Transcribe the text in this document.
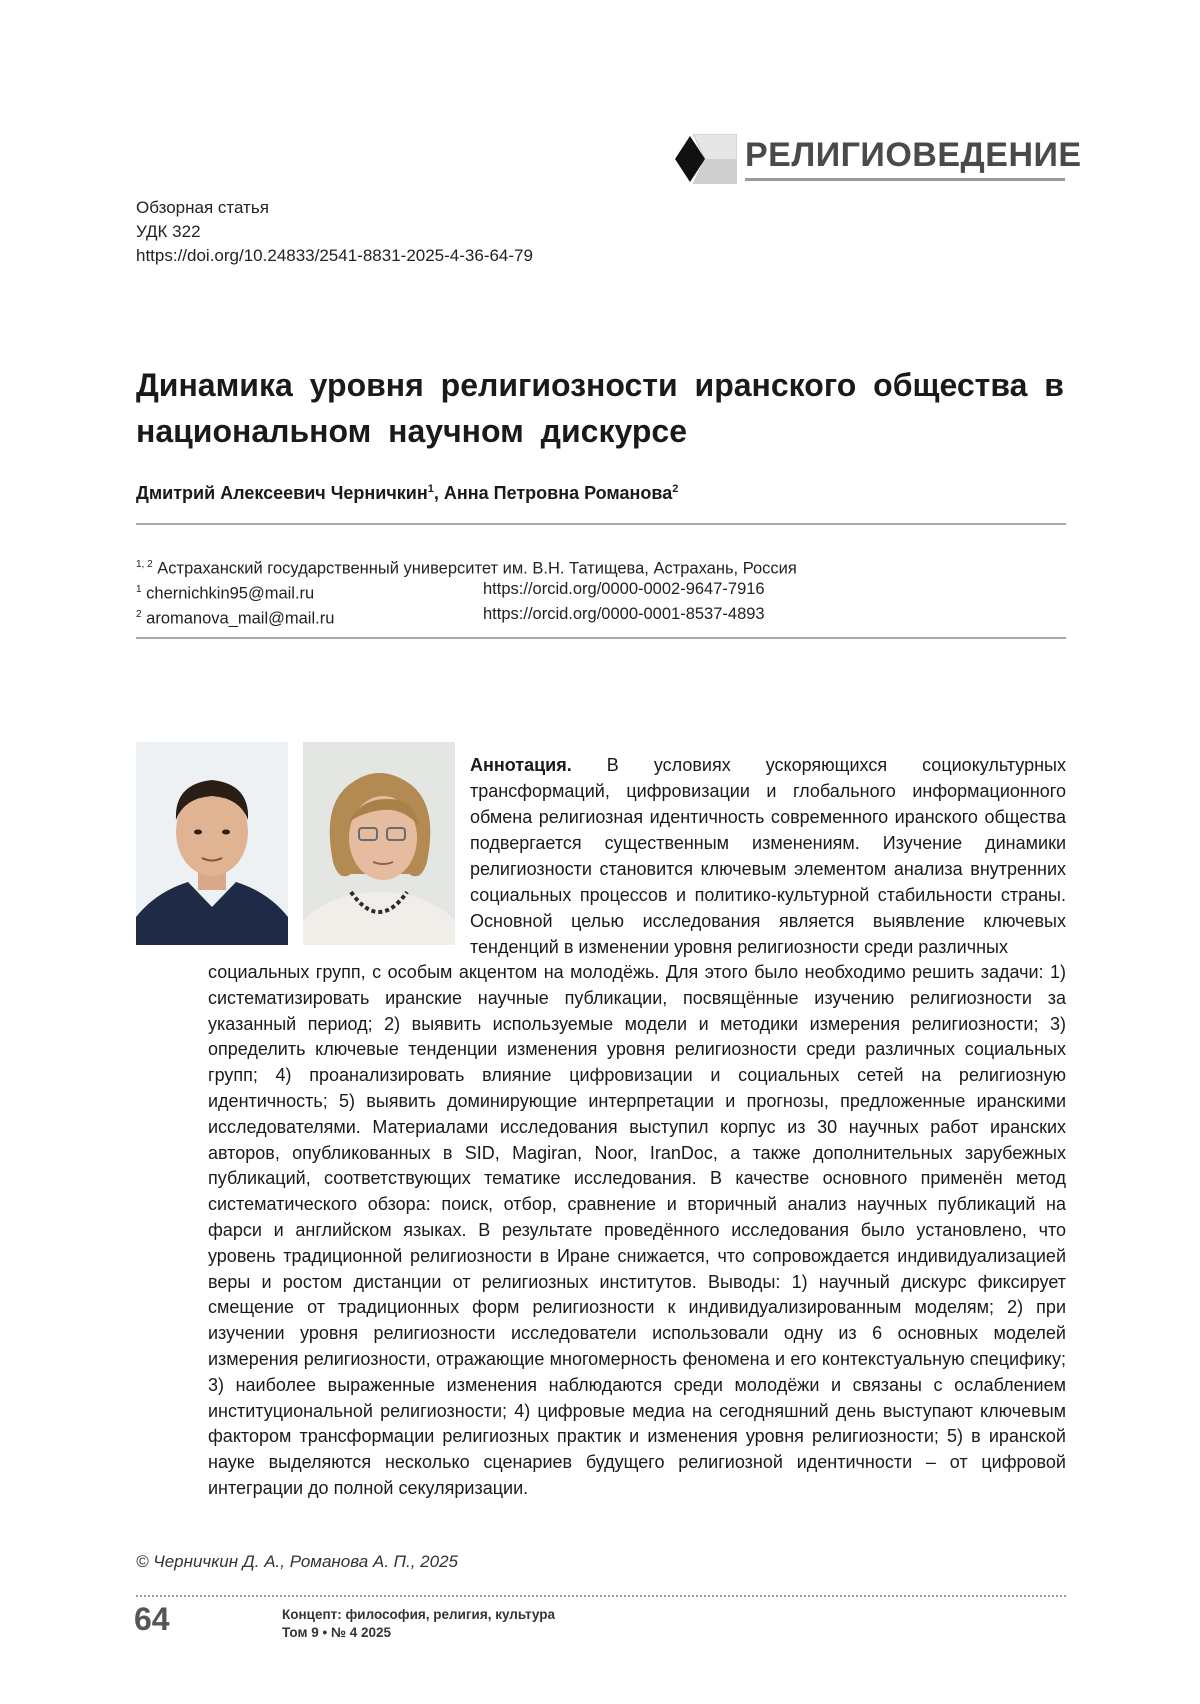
РЕЛИГИОВЕДЕНИЕ
Обзорная статья
УДК 322
https://doi.org/10.24833/2541-8831-2025-4-36-64-79
Динамика уровня религиозности иранского общества в национальном научном дискурсе
Дмитрий Алексеевич Черничкин$^1$, Анна Петровна Романова$^2$
$^{1, 2}$ Астраханский государственный университет им. В.Н. Татищева, Астрахань, Россия
$^1$ chernichkin95@mail.ru	https://orcid.org/0000-0002-9647-7916
$^2$ aromanova_mail@mail.ru	https://orcid.org/0000-0001-8537-4893
Аннотация. В условиях ускоряющихся социокультурных трансформаций, цифровизации и глобального информационного обмена религиозная идентичность современного иранского общества подвергается существенным изменениям. Изучение динамики религиозности становится ключевым элементом анализа внутренних социальных процессов и политико-культурной стабильности страны. Основной целью исследования является выявление ключевых тенденций в изменении уровня религиозности среди различных
социальных групп, с особым акцентом на молодёжь. Для этого было необходимо решить задачи: 1) систематизировать иранские научные публикации, посвящённые изучению религиозности за указанный период; 2) выявить используемые модели и методики измерения религиозности; 3) определить ключевые тенденции изменения уровня религиозности среди различных социальных групп; 4) проанализировать влияние цифровизации и социальных сетей на религиозную идентичность; 5) выявить доминирующие интерпретации и прогнозы, предложенные иранскими исследователями. Материалами исследования выступил корпус из 30 научных работ иранских авторов, опубликованных в SID, Magiran, Noor, IranDoc, а также дополнительных зарубежных публикаций, соответствующих тематике исследования. В качестве основного применён метод систематического обзора: поиск, отбор, сравнение и вторичный анализ научных публикаций на фарси и английском языках. В результате проведённого исследования было установлено, что уровень традиционной религиозности в Иране снижается, что сопровождается индивидуализацией веры и ростом дистанции от религиозных институтов. Выводы: 1) научный дискурс фиксирует смещение от традиционных форм религиозности к индивидуализированным моделям; 2) при изучении уровня религиозности исследователи использовали одну из 6 основных моделей измерения религиозности, отражающие многомерность феномена и его контекстуальную специфику; 3) наиболее выраженные изменения наблюдаются среди молодёжи и связаны с ослаблением институциональной религиозности; 4) цифровые медиа на сегодняшний день выступают ключевым фактором трансформации религиозных практик и изменения уровня религиозности; 5) в иранской науке выделяются несколько сценариев будущего религиозной идентичности – от цифровой интеграции до полной секуляризации.
© Черничкин Д. А., Романова А. П., 2025
64	Концепт: философия, религия, культура
Том 9 • № 4 2025
